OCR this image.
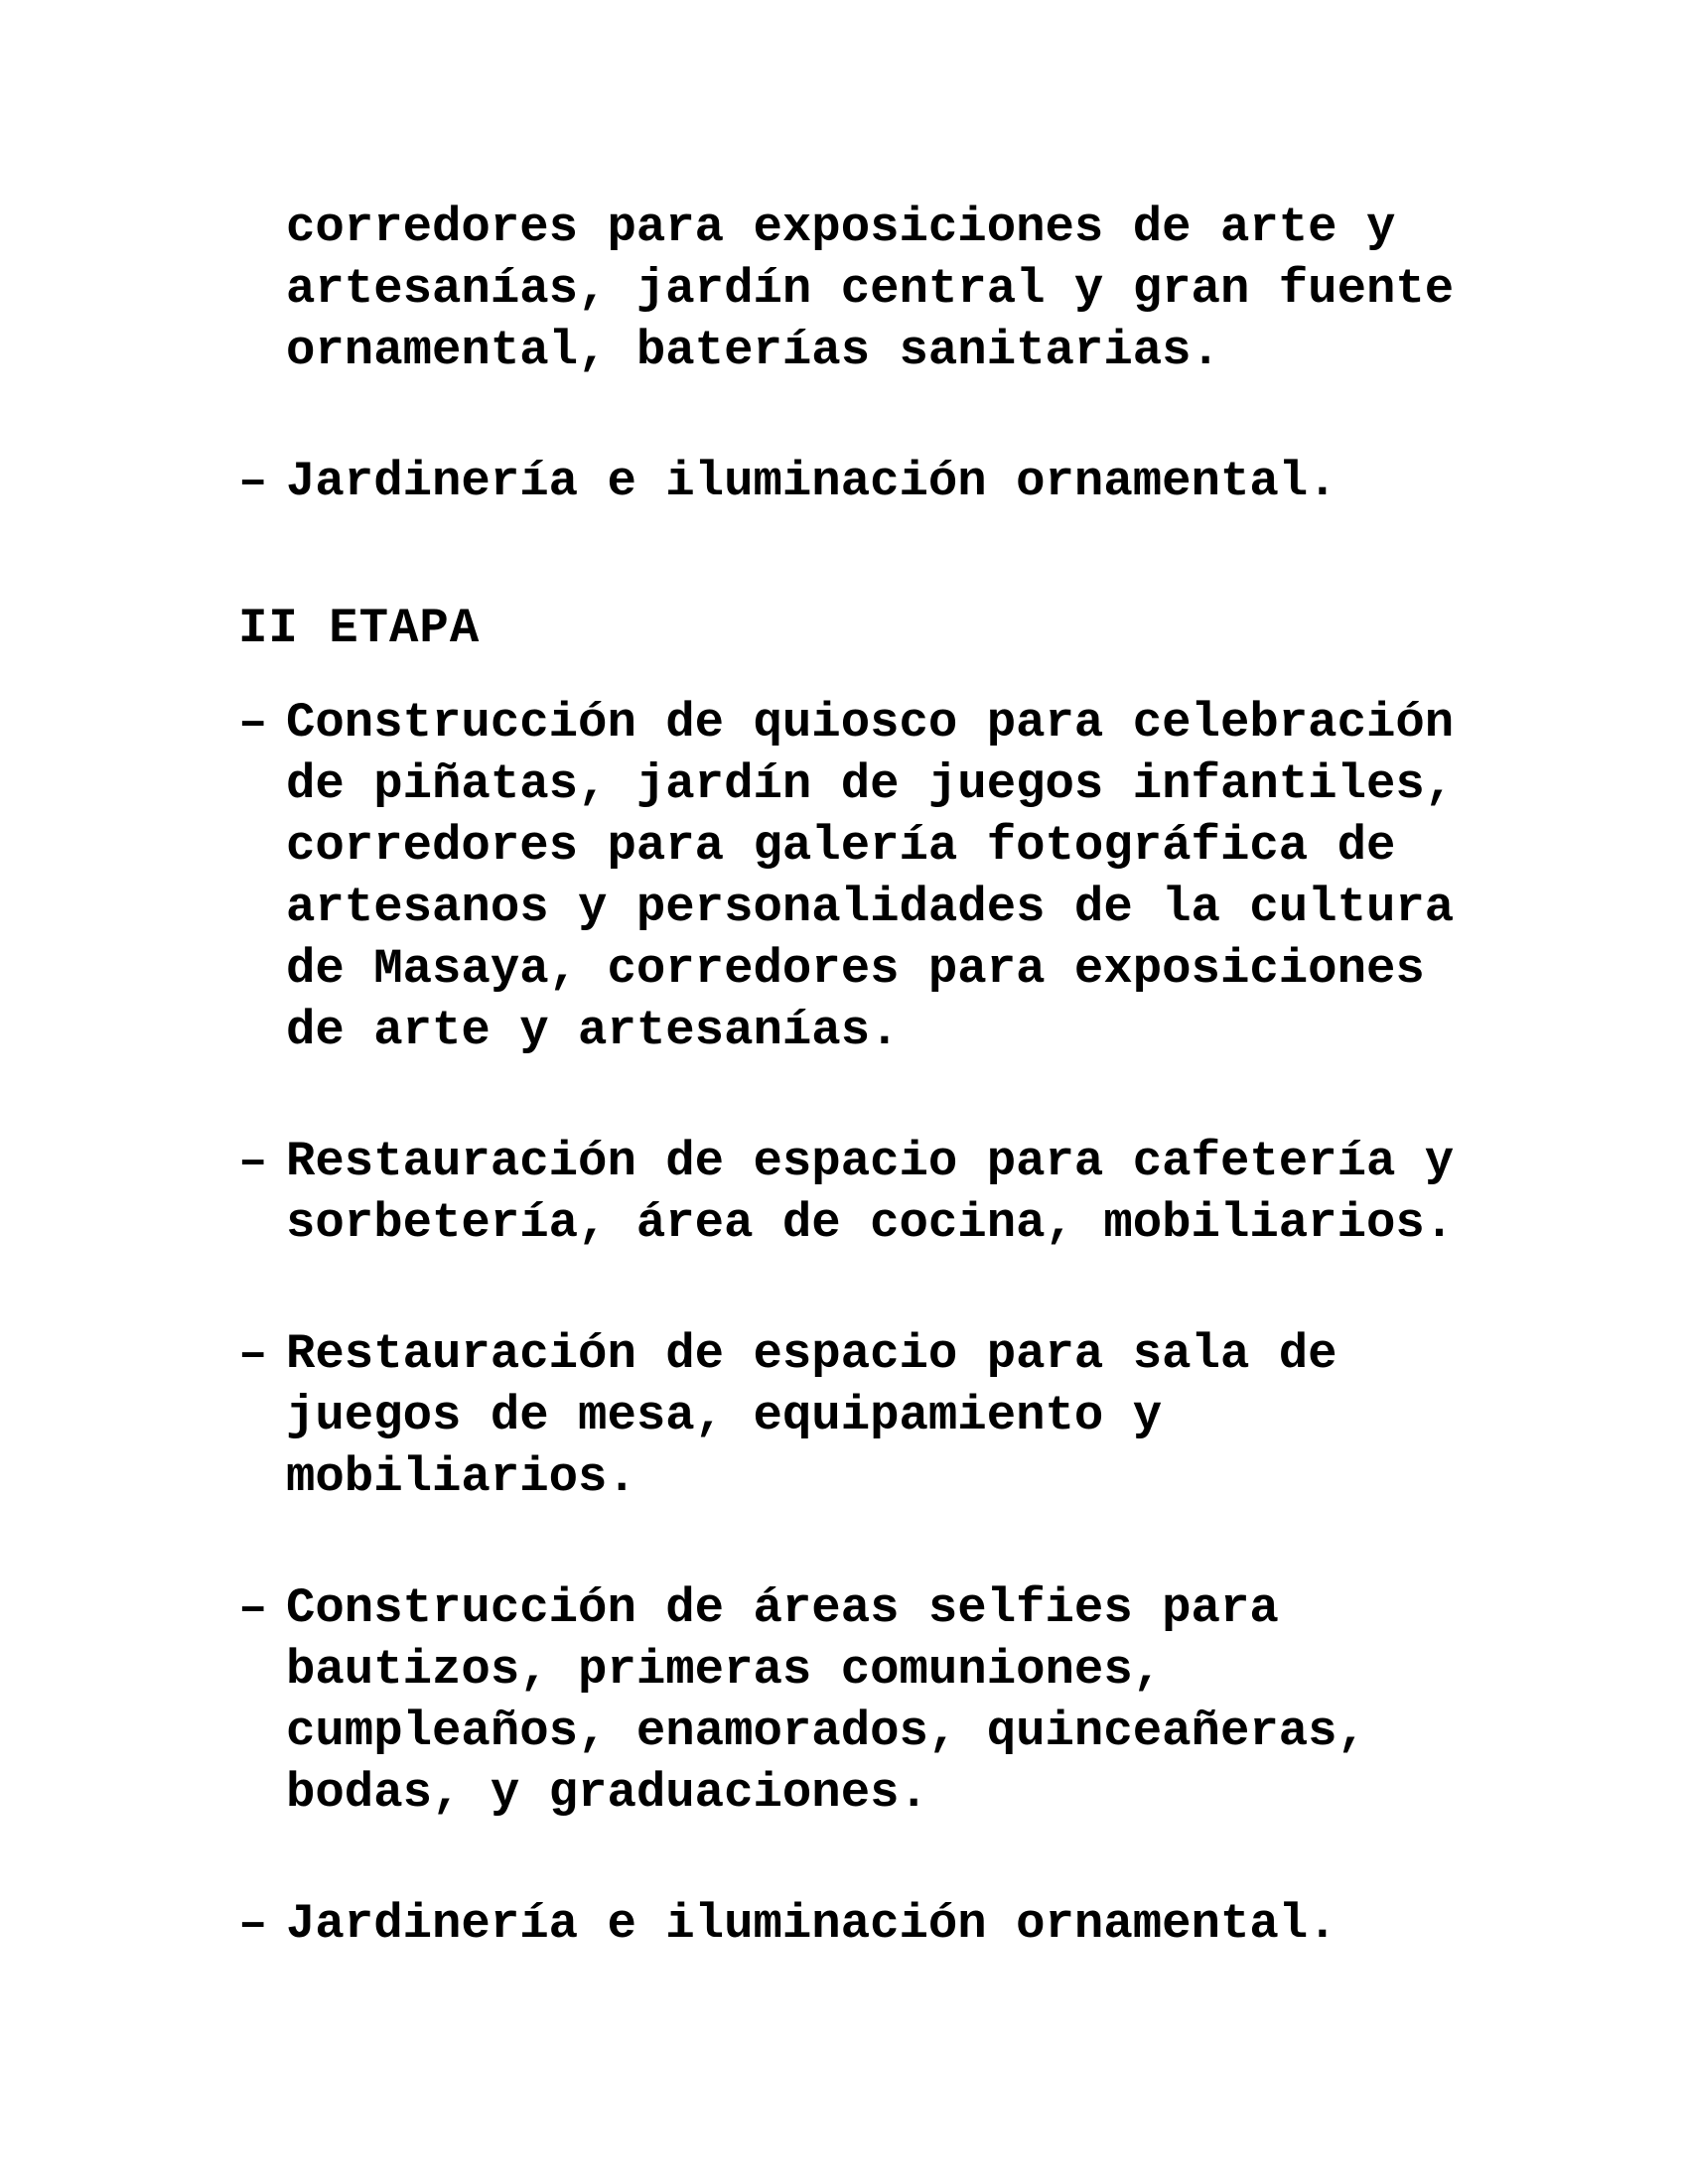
corredores para exposiciones de arte y artesanías, jardín central y gran fuente ornamental, baterías sanitarias.

– Jardinería e iluminación ornamental.

II ETAPA

– Construcción de quiosco para celebración de piñatas, jardín de juegos infantiles, corredores para galería fotográfica de artesanos y personalidades de la cultura de Masaya, corredores para exposiciones de arte y artesanías.

– Restauración de espacio para cafetería y sorbetería, área de cocina, mobiliarios.

– Restauración de espacio para sala de juegos de mesa, equipamiento y mobiliarios.

– Construcción de áreas selfies para bautizos, primeras comuniones, cumpleaños, enamorados, quinceañeras, bodas, y graduaciones.

– Jardinería e iluminación ornamental.
